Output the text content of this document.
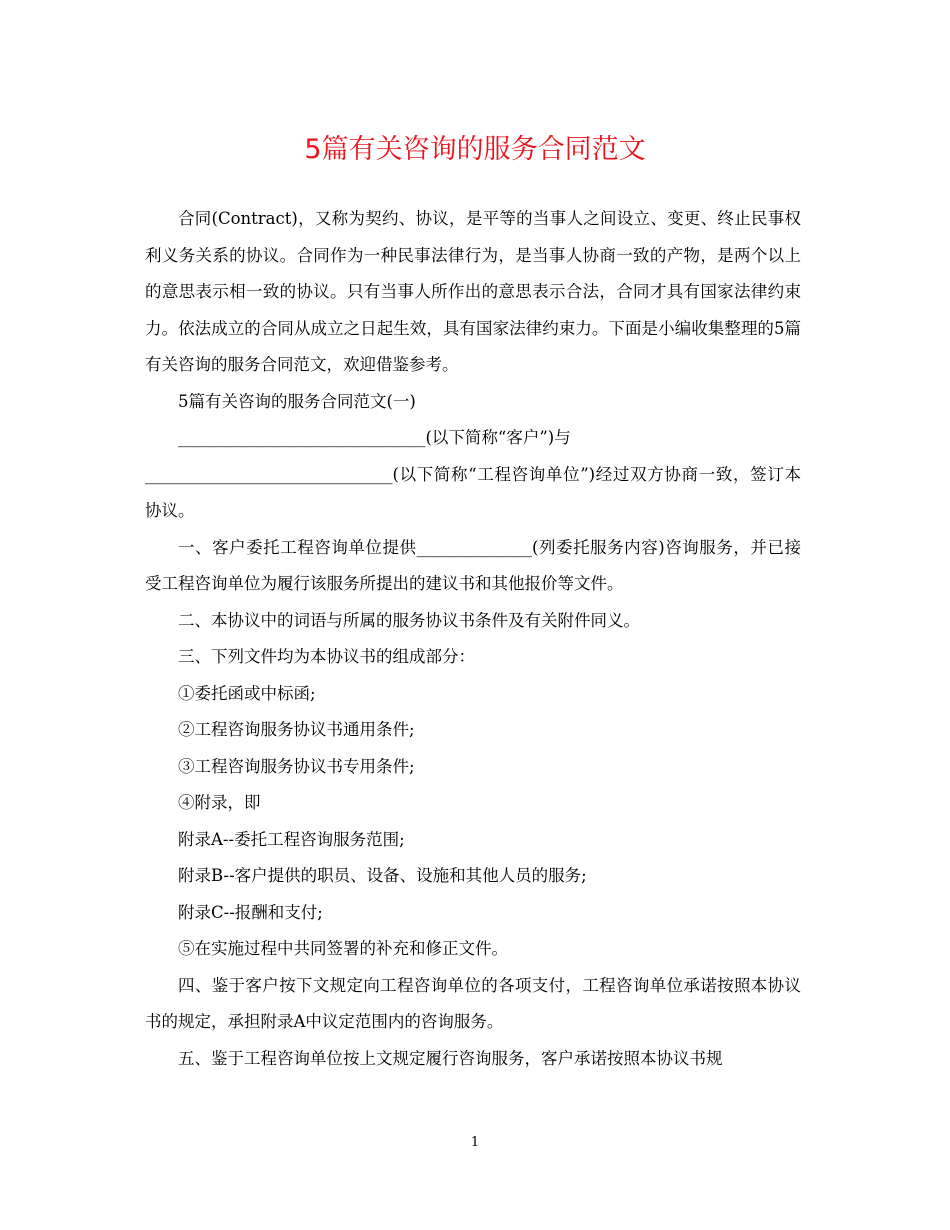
5篇有关咨询的服务合同范文

合同(Contract)，又称为契约、协议，是平等的当事人之间设立、变更、终止民事权利义务关系的协议。合同作为一种民事法律行为，是当事人协商一致的产物，是两个以上的意思表示相一致的协议。只有当事人所作出的意思表示合法，合同才具有国家法律约束力。依法成立的合同从成立之日起生效，具有国家法律约束力。下面是小编收集整理的5篇有关咨询的服务合同范文，欢迎借鉴参考。

5篇有关咨询的服务合同范文(一)

______________________________(以下简称“客户”)与

______________________________(以下简称“工程咨询单位”)经过双方协商一致，签订本协议。

一、客户委托工程咨询单位提供______________(列委托服务内容)咨询服务，并已接受工程咨询单位为履行该服务所提出的建议书和其他报价等文件。

二、本协议中的词语与所属的服务协议书条件及有关附件同义。

三、下列文件均为本协议书的组成部分：

①委托函或中标函;

②工程咨询服务协议书通用条件;

③工程咨询服务协议书专用条件;

④附录，即

附录A--委托工程咨询服务范围;

附录B--客户提供的职员、设备、设施和其他人员的服务;

附录C--报酬和支付;

⑤在实施过程中共同签署的补充和修正文件。

四、鉴于客户按下文规定向工程咨询单位的各项支付，工程咨询单位承诺按照本协议书的规定，承担附录A中议定范围内的咨询服务。

五、鉴于工程咨询单位按上文规定履行咨询服务，客户承诺按照本协议书规

1
